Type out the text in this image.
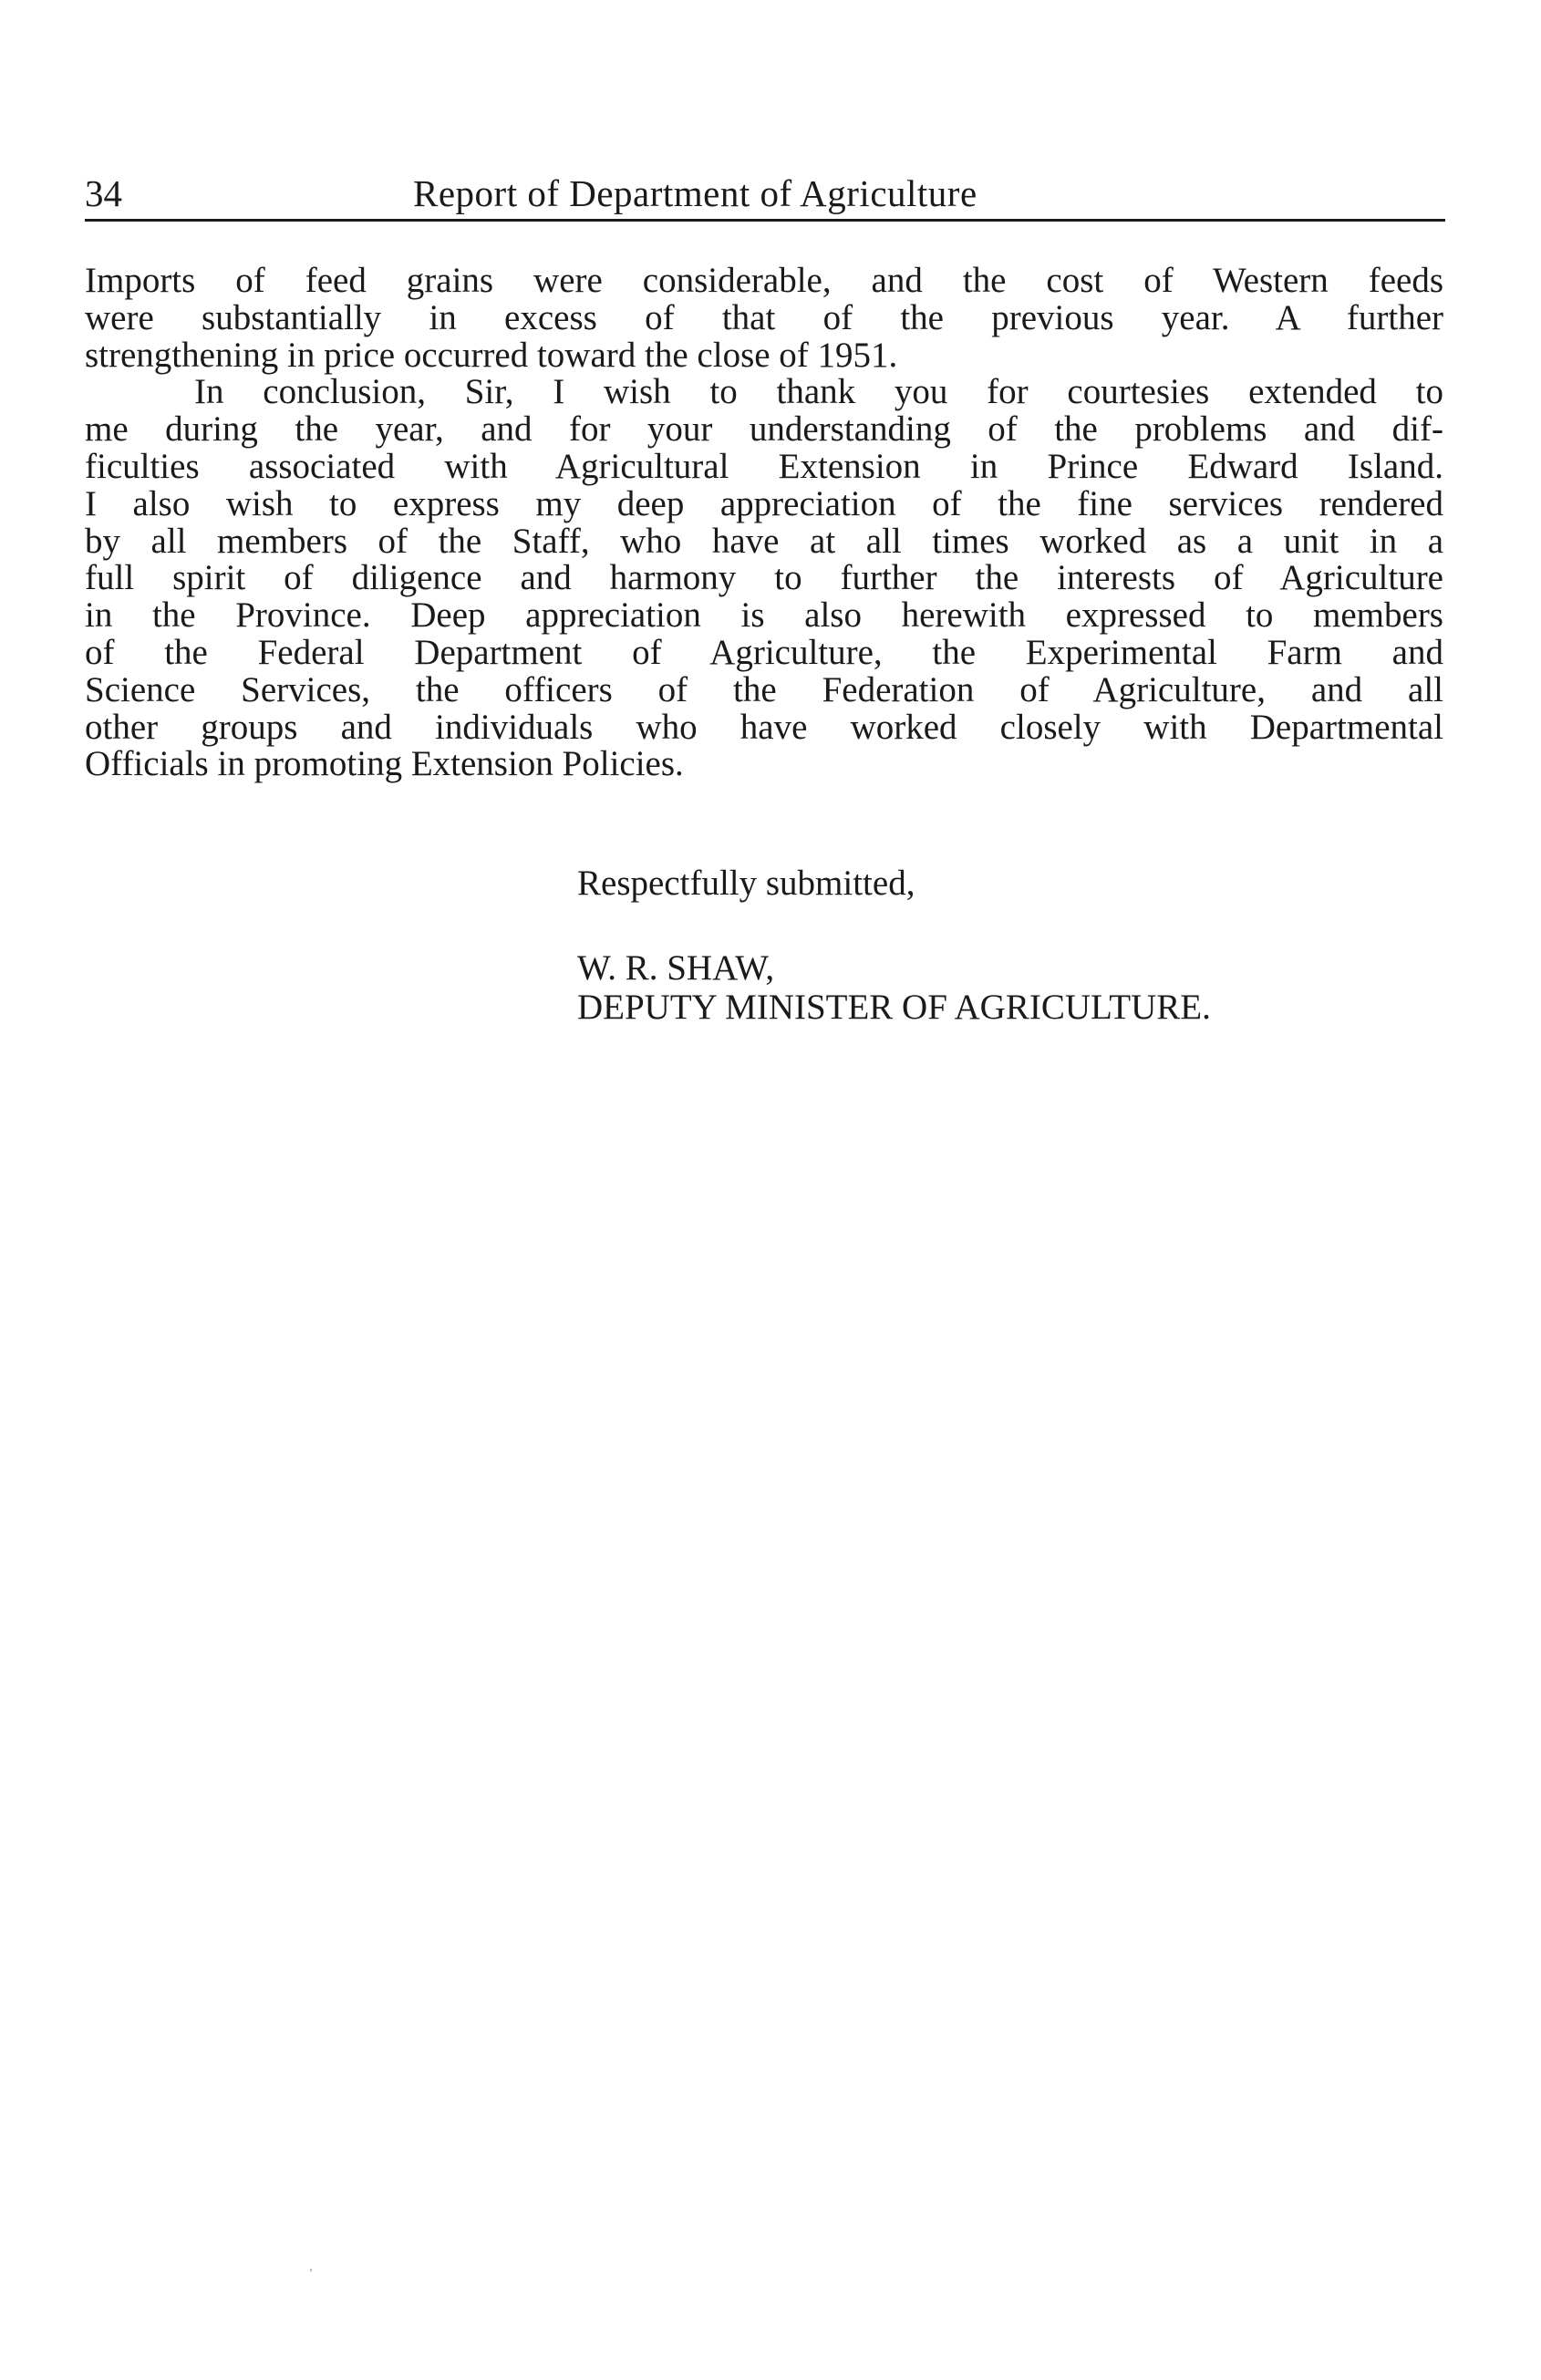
34	Report of Department of Agriculture
Imports of feed grains were considerable, and the cost of Western feeds
were substantially in excess of that of the previous year. A further
strengthening in price occurred toward the close of 1951.
In conclusion, Sir, I wish to thank you for courtesies extended to
me during the year, and for your understanding of the problems and dif-
ficulties associated with Agricultural Extension in Prince Edward Island.
I also wish to express my deep appreciation of the fine services rendered
by all members of the Staff, who have at all times worked as a unit in a
full spirit of diligence and harmony to further the interests of Agriculture
in the Province. Deep appreciation is also herewith expressed to members
of the Federal Department of Agriculture, the Experimental Farm and
Science Services, the officers of the Federation of Agriculture, and all
other groups and individuals who have worked closely with Departmental
Officials in promoting Extension Policies.
Respectfully submitted,
W. R. SHAW,
DEPUTY MINISTER OF AGRICULTURE.
